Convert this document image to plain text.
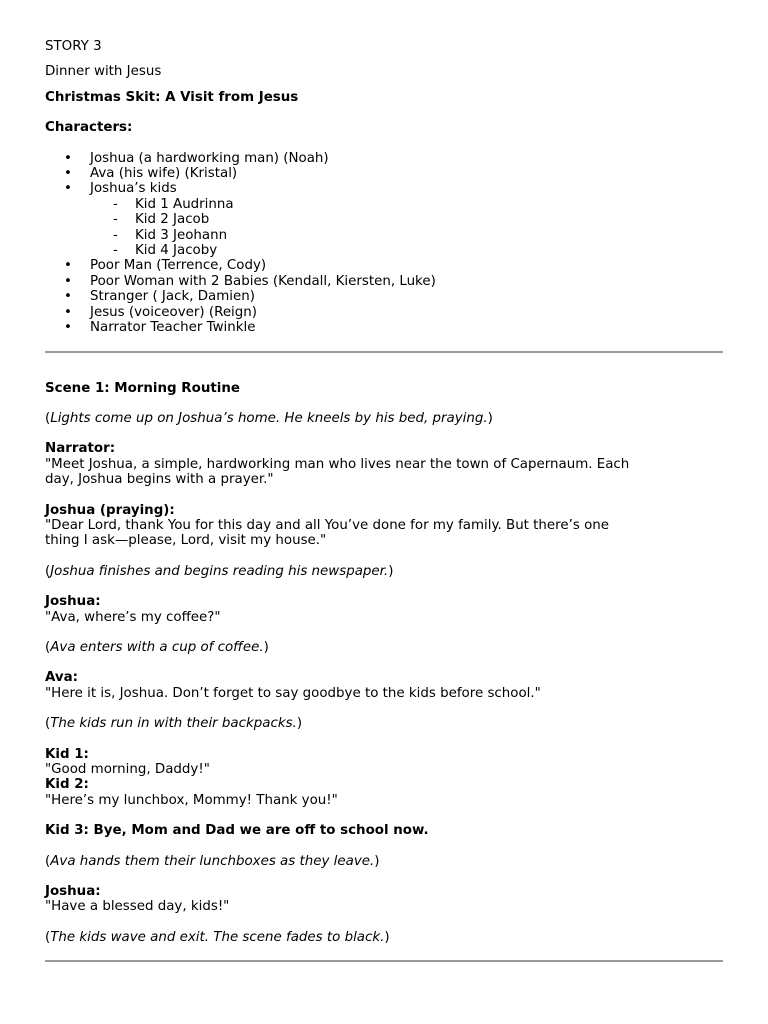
STORY 3
Dinner with Jesus
Christmas Skit: A Visit from Jesus
Characters:
• Joshua (a hardworking man) (Noah)
• Ava (his wife) (Kristal)
• Joshua’s kids
- Kid 1 Audrinna
- Kid 2 Jacob
- Kid 3 Jeohann
- Kid 4 Jacoby
• Poor Man (Terrence, Cody)
• Poor Woman with 2 Babies (Kendall, Kiersten, Luke)
• Stranger ( Jack, Damien)
• Jesus (voiceover) (Reign)
• Narrator Teacher Twinkle
Scene 1: Morning Routine
(Lights come up on Joshua’s home. He kneels by his bed, praying.)
Narrator:
"Meet Joshua, a simple, hardworking man who lives near the town of Capernaum. Each
day, Joshua begins with a prayer."
Joshua (praying):
"Dear Lord, thank You for this day and all You’ve done for my family. But there’s one
thing I ask—please, Lord, visit my house."
(Joshua finishes and begins reading his newspaper.)
Joshua:
"Ava, where’s my coffee?"
(Ava enters with a cup of coffee.)
Ava:
"Here it is, Joshua. Don’t forget to say goodbye to the kids before school."
(The kids run in with their backpacks.)
Kid 1:
"Good morning, Daddy!"
Kid 2:
"Here’s my lunchbox, Mommy! Thank you!"
Kid 3: Bye, Mom and Dad we are off to school now.
(Ava hands them their lunchboxes as they leave.)
Joshua:
"Have a blessed day, kids!"
(The kids wave and exit. The scene fades to black.)
